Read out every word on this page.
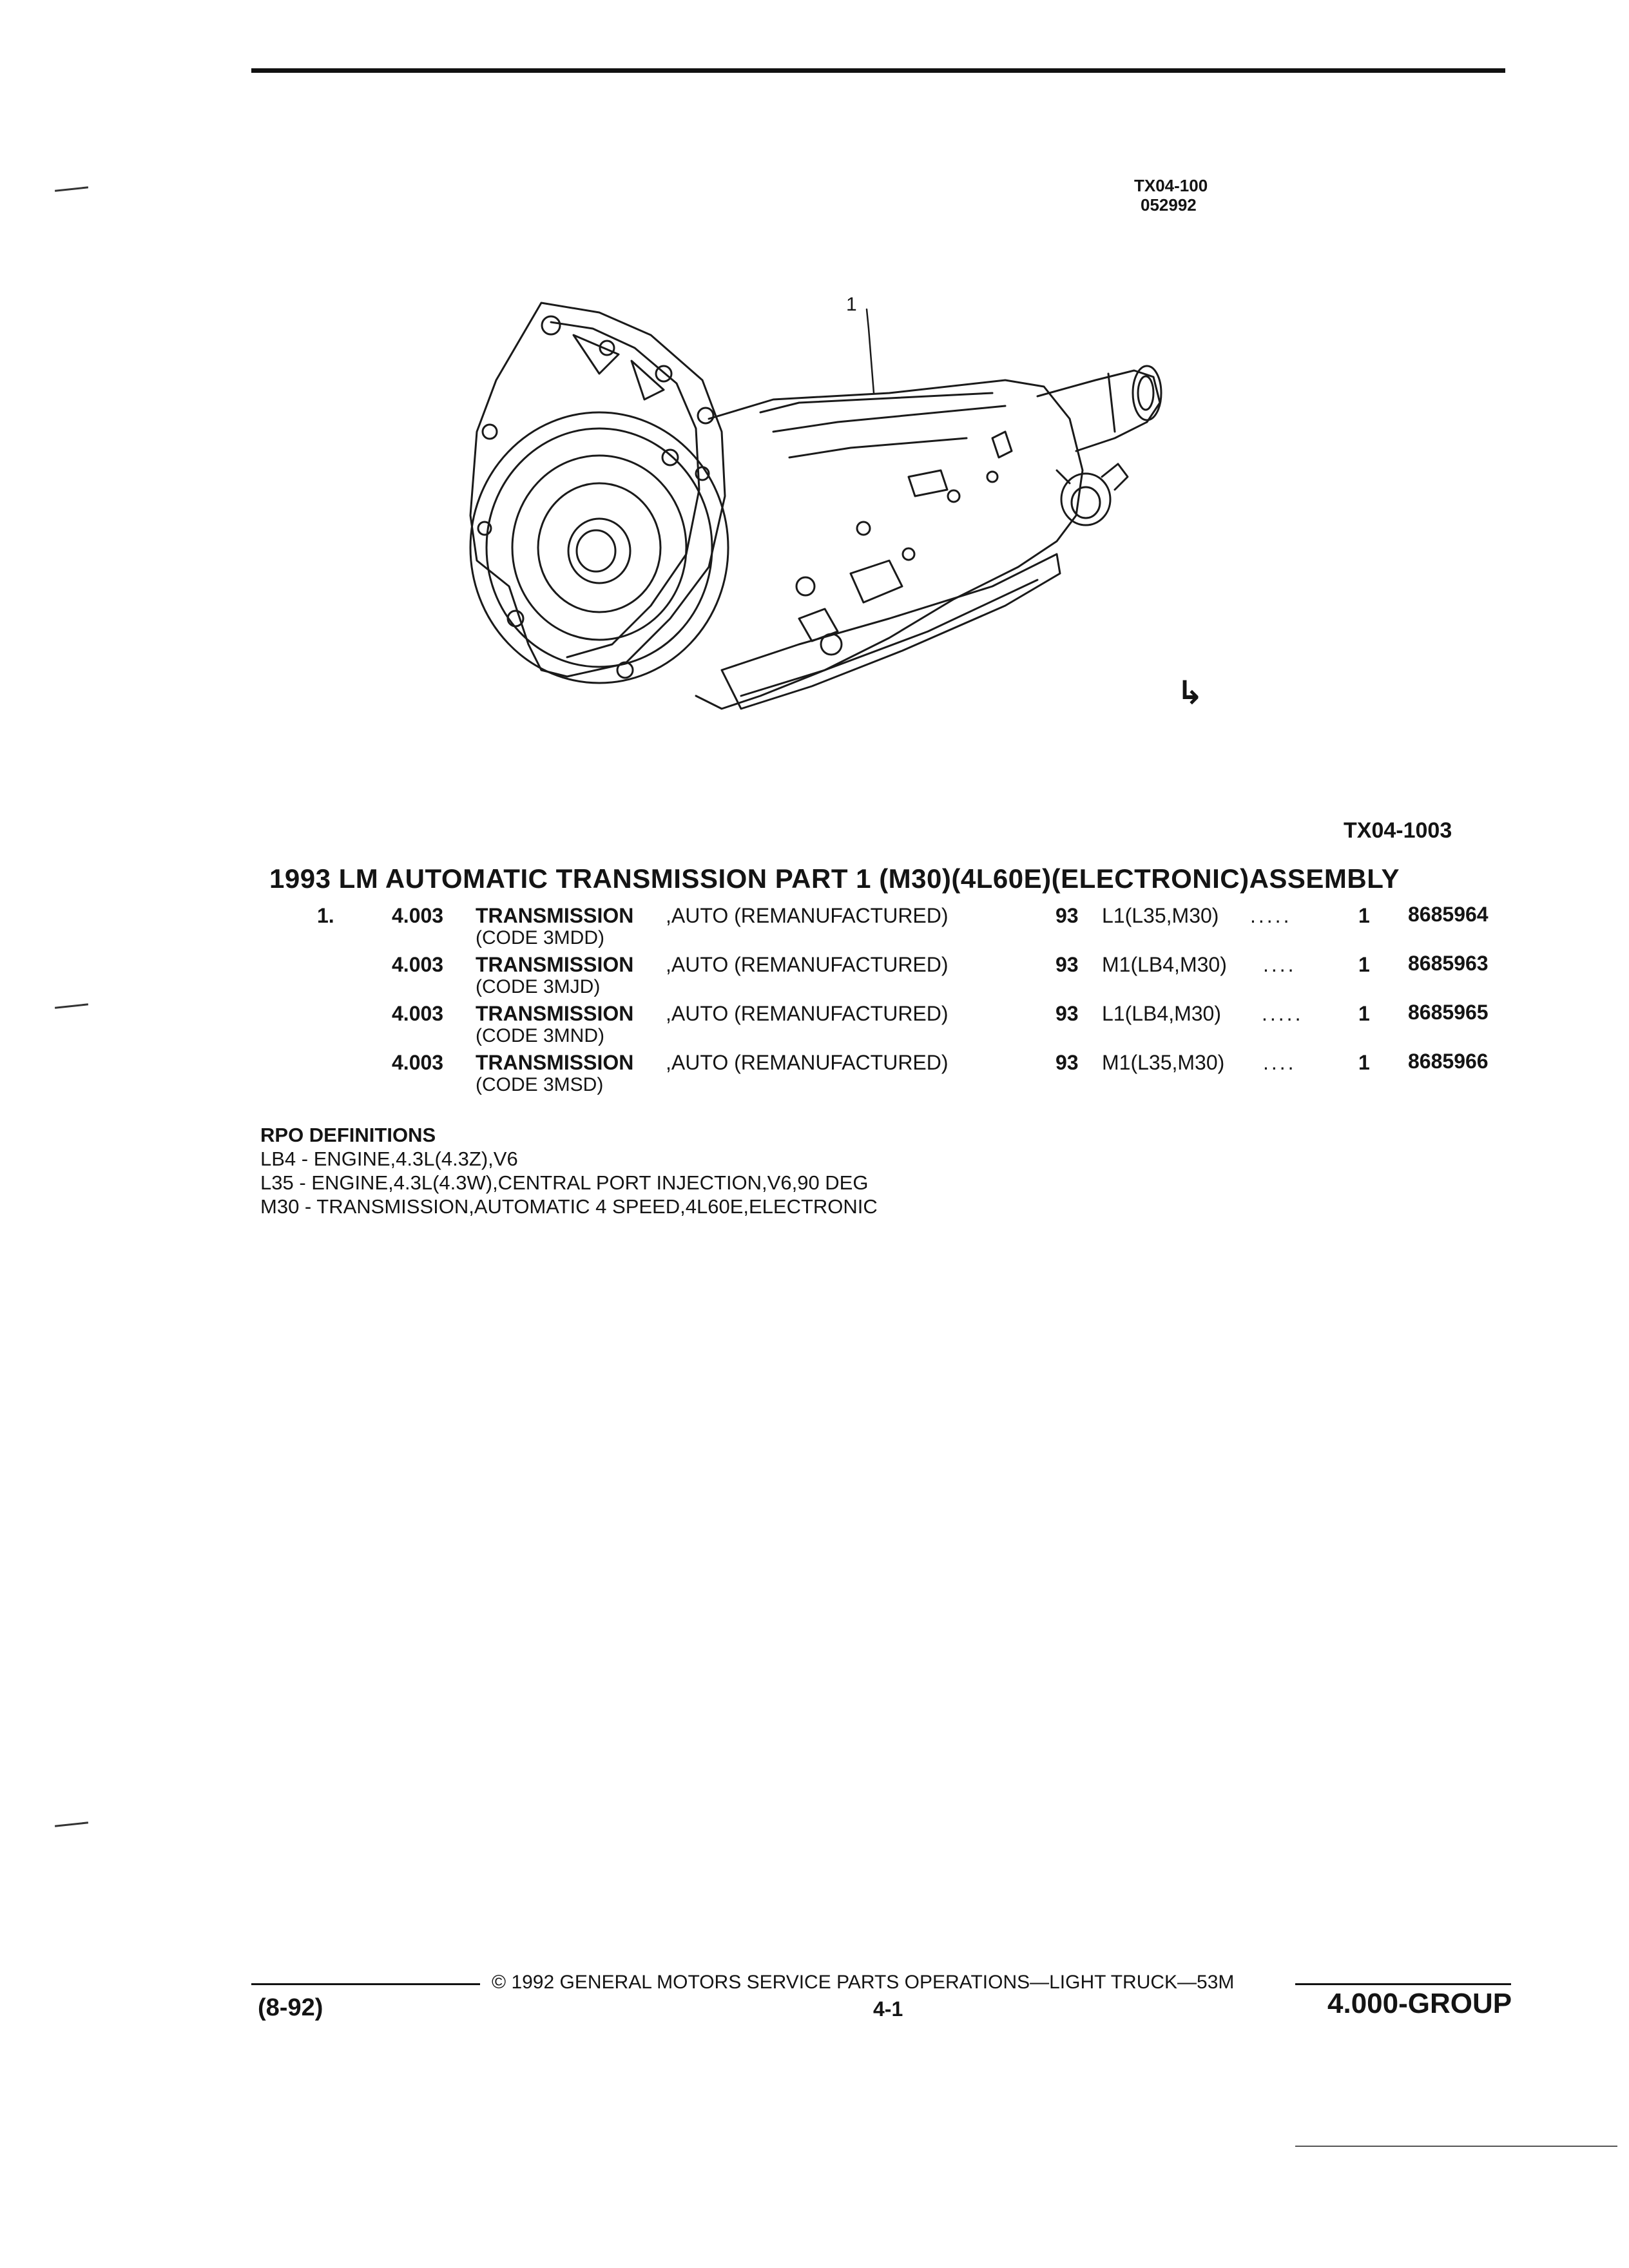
TX04-100
052992
1
↳
TX04-1003
1993 LM AUTOMATIC TRANSMISSION PART 1 (M30)(4L60E)(ELECTRONIC)ASSEMBLY
1.	4.003 TRANSMISSION ,AUTO (REMANUFACTURED)
(CODE 3MDD)
93 L1(L35,M30) .....	1 8685964
4.003 TRANSMISSION ,AUTO (REMANUFACTURED)
(CODE 3MJD)
93 M1(LB4,M30) ....	1 8685963
4.003 TRANSMISSION ,AUTO (REMANUFACTURED)
(CODE 3MND)
93 L1(LB4,M30) .....	1 8685965
4.003 TRANSMISSION ,AUTO (REMANUFACTURED)
(CODE 3MSD)
93 M1(L35,M30) ....	1 8685966
RPO DEFINITIONS
LB4 - ENGINE,4.3L(4.3Z),V6
L35 - ENGINE,4.3L(4.3W),CENTRAL PORT INJECTION,V6,90 DEG
M30 - TRANSMISSION,AUTOMATIC 4 SPEED,4L60E,ELECTRONIC
© 1992 GENERAL MOTORS SERVICE PARTS OPERATIONS—LIGHT TRUCK—53M
(8-92)	4-1	4.000-GROUP
